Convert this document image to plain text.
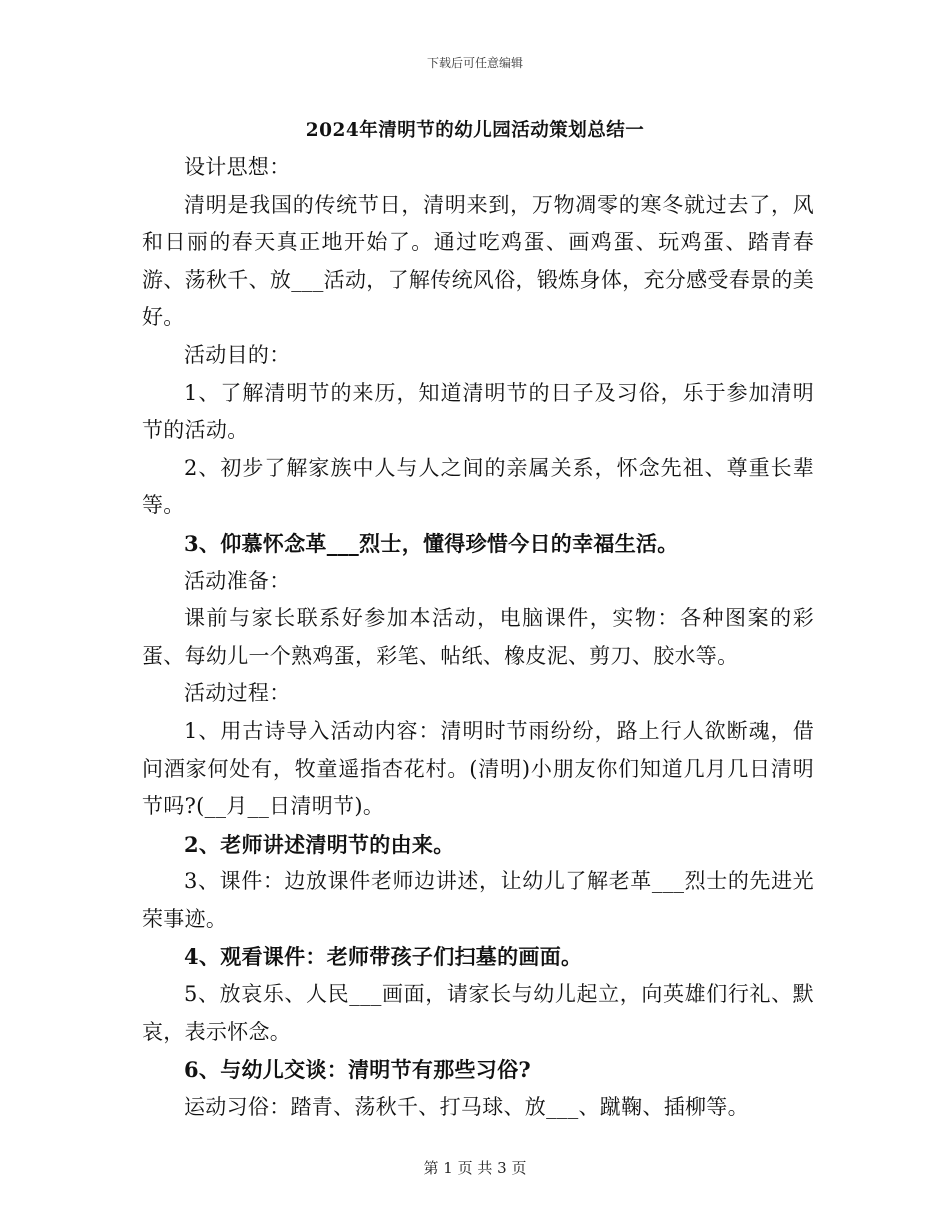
下载后可任意编辑
2024年清明节的幼儿园活动策划总结一

设计思想：

清明是我国的传统节日，清明来到，万物凋零的寒冬就过去了，风和日丽的春天真正地开始了。通过吃鸡蛋、画鸡蛋、玩鸡蛋、踏青春游、荡秋千、放___活动，了解传统风俗，锻炼身体，充分感受春景的美好。

活动目的：

1、了解清明节的来历，知道清明节的日子及习俗，乐于参加清明节的活动。

2、初步了解家族中人与人之间的亲属关系，怀念先祖、尊重长辈等。

3、仰慕怀念革___烈士，懂得珍惜今日的幸福生活。

活动准备：

课前与家长联系好参加本活动，电脑课件，实物：各种图案的彩蛋、每幼儿一个熟鸡蛋，彩笔、帖纸、橡皮泥、剪刀、胶水等。

活动过程：

1、用古诗导入活动内容：清明时节雨纷纷，路上行人欲断魂，借问酒家何处有，牧童遥指杏花村。(清明)小朋友你们知道几月几日清明节吗?(__月__日清明节)。

2、老师讲述清明节的由来。

3、课件：边放课件老师边讲述，让幼儿了解老革___烈士的先进光荣事迹。

4、观看课件：老师带孩子们扫墓的画面。

5、放哀乐、人民___画面，请家长与幼儿起立，向英雄们行礼、默哀，表示怀念。

6、与幼儿交谈：清明节有那些习俗?

运动习俗：踏青、荡秋千、打马球、放___、蹴鞠、插柳等。

第 1 页 共 3 页
